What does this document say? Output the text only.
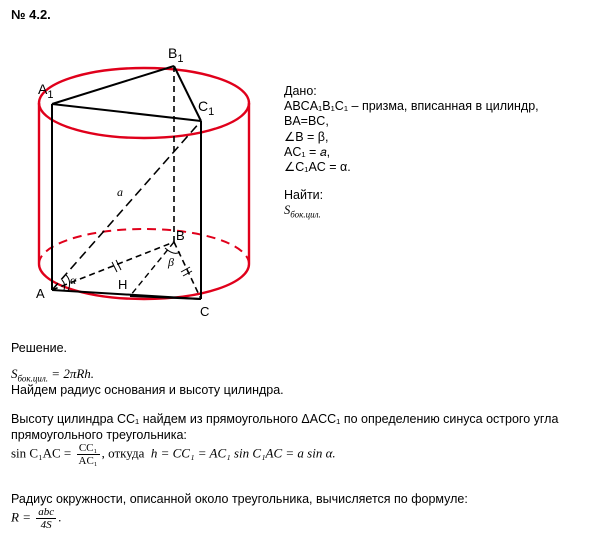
№ 4.2.
$B_1$
$A_1$
$C_1$
A
B
C
H
a
α
β
Дано:
ABCA₁B₁C₁ – призма, вписанная в цилиндр,
BA=BC,
∠B = β,
AC₁ = 𝑎,
∠C₁AC = α.
Найти:
$S_{бок.цил.}$
Решение.
$S_{бок.цил.} = 2\pi Rh$.
Найдем радиус основания и высоту цилиндра.
Высоту цилиндра CC₁ найдем из прямоугольного ΔACC₁ по определению синуса острого угла
прямоугольного треугольника:
$\sin C_1AC = \frac{\text{CC₁}}{\text{AC₁}}$ , откуда h = CC₁ = AC₁ sin C₁AC = a sin α.
Радиус окружности, описанной около треугольника, вычисляется по формуле:
$R = \frac{\text{abc}}{4S}$ .
